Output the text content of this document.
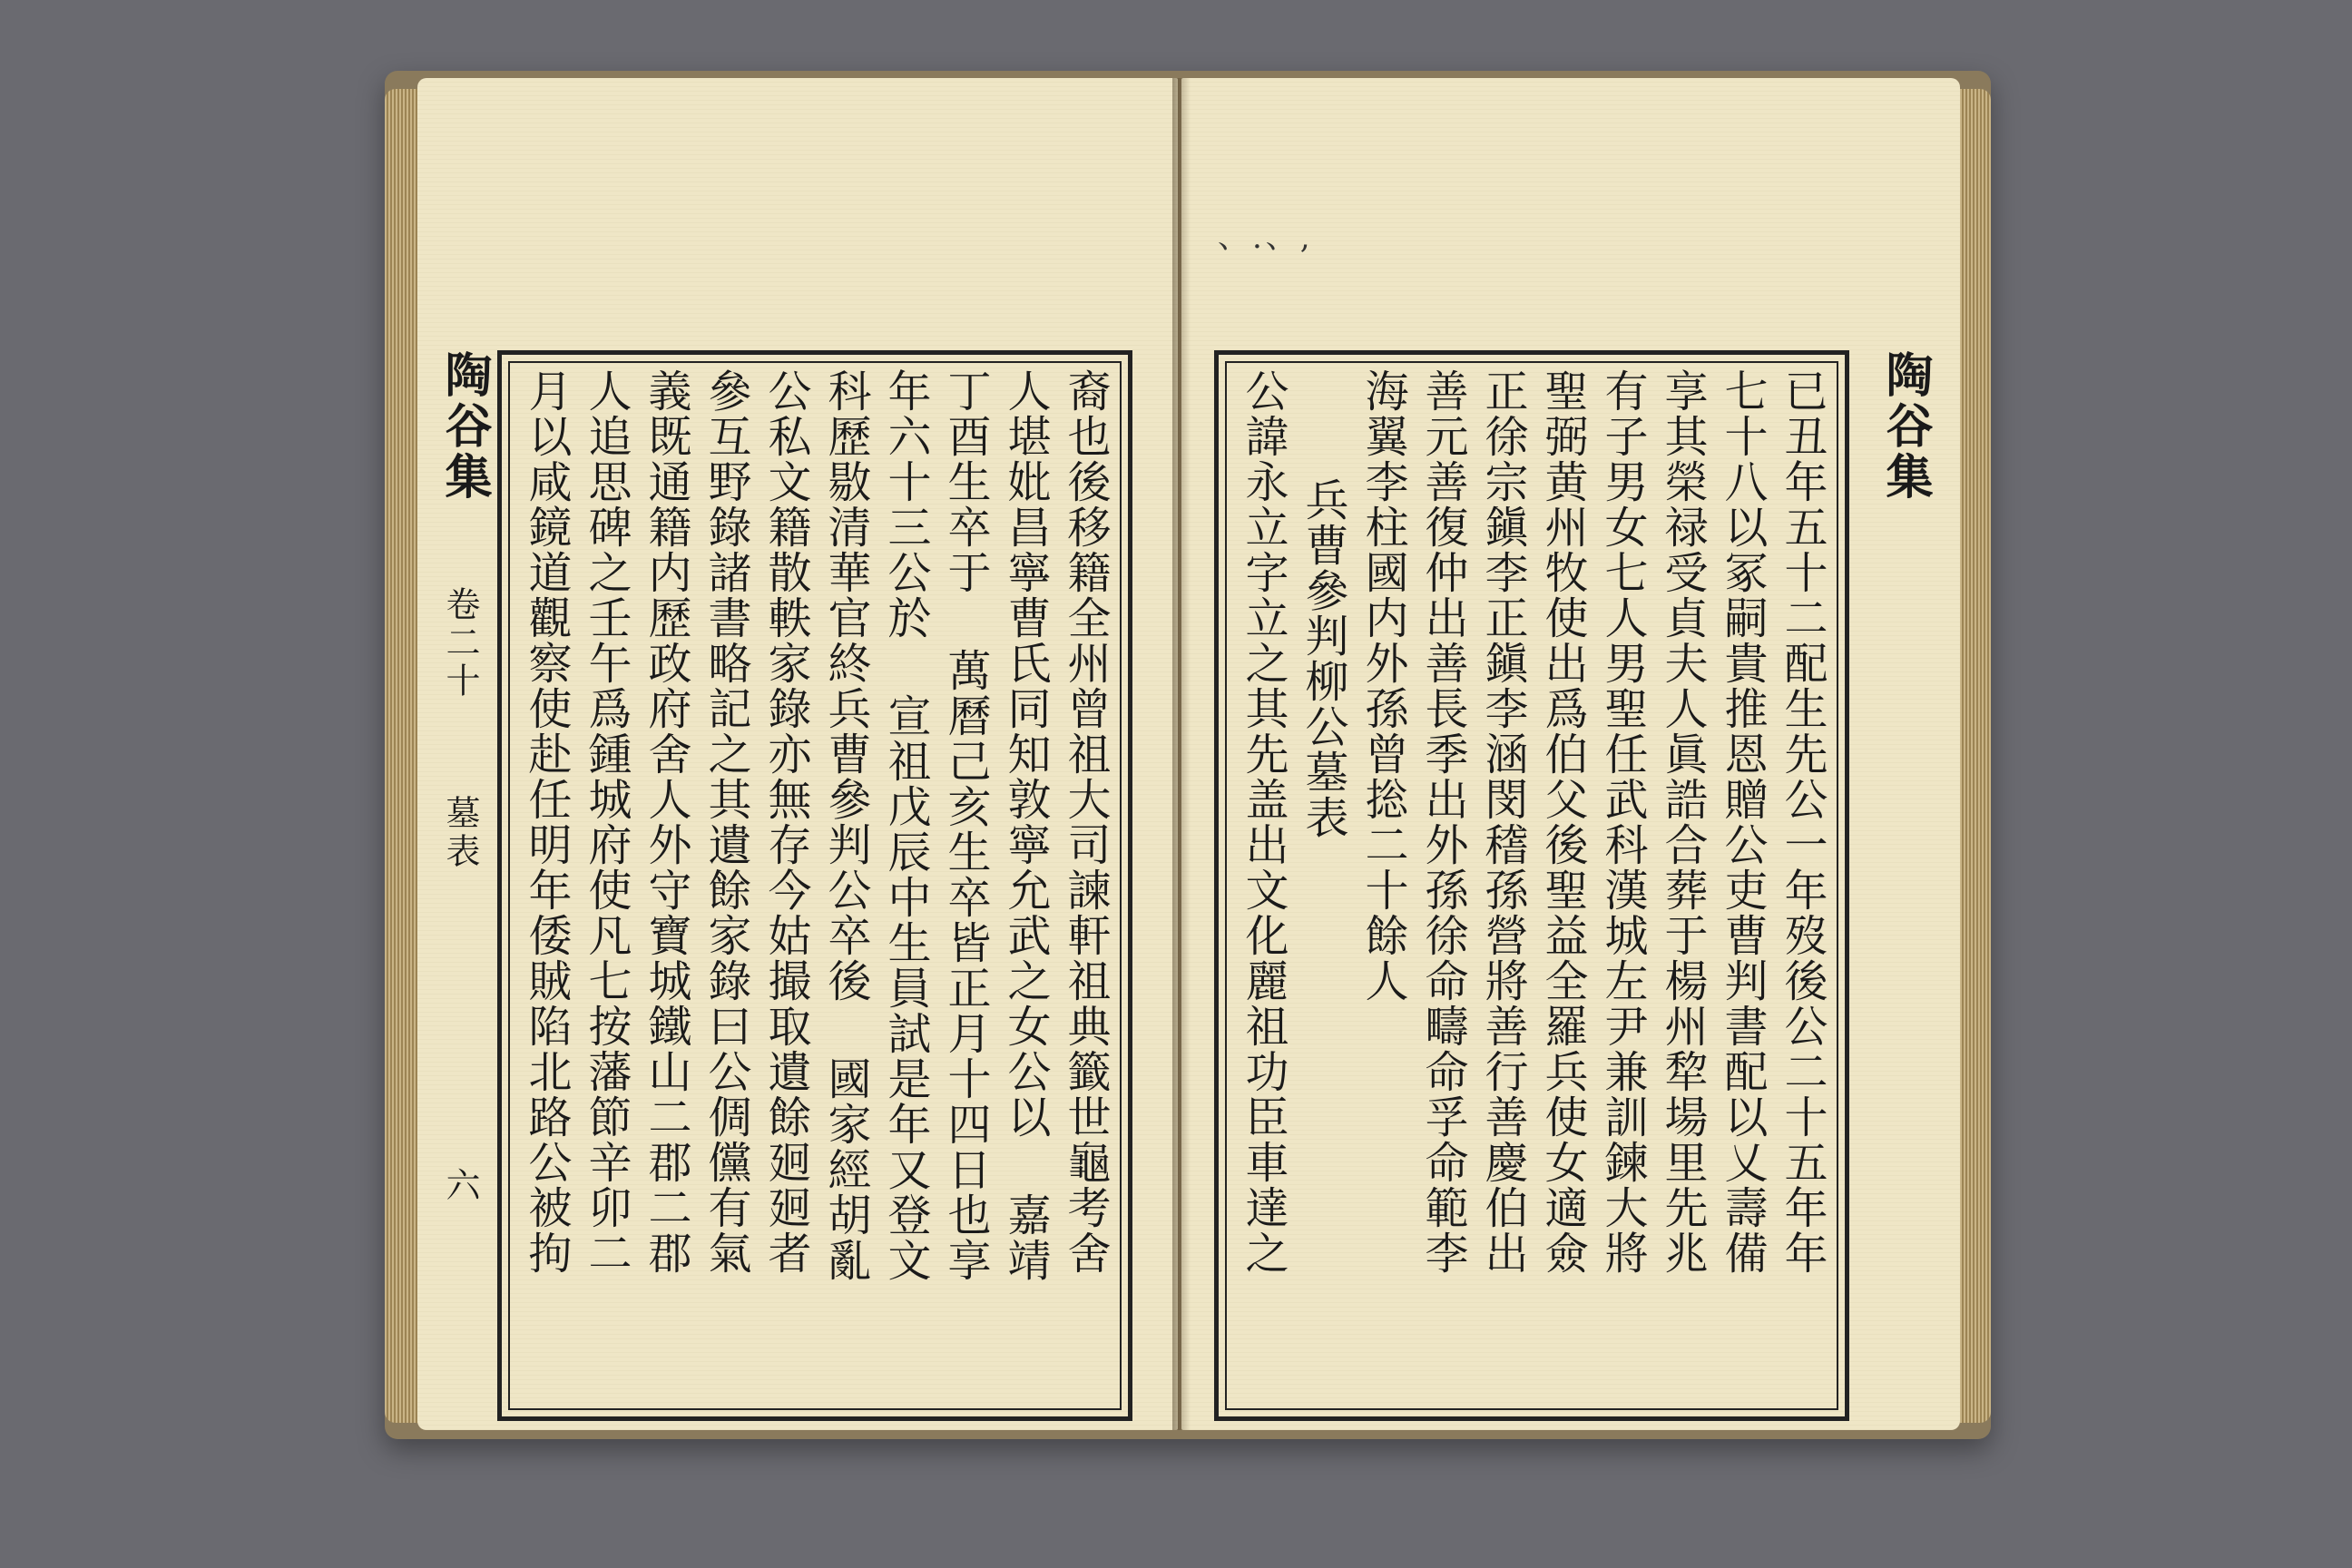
陶谷集
卷二十
墓表
六	裔也後移籍全州曾祖大司諫軒祖典籤世龜考舍
人堪妣昌寧曹氏同知敦寧允武之女公以 嘉靖
丁酉生卒于 萬曆己亥生卒皆正月十四日也享
年六十三公於 宣祖戊辰中生員試是年又登文
科歷敭清華官終兵曹參判公卒後 國家經胡亂
公私文籍散軼家錄亦無存今姑撮取遺餘㢠㢠者
參互野錄諸書略記之其遺餘家錄曰公倜儻有氣
義既通籍内歷政府舍人外守寶城鐵山二郡二郡
人追思碑之壬午爲鍾城府使凡七按藩節辛卯二
月以咸鏡道觀察使赴任明年倭賊陷北路公被拘
、.、,
已丑年五十二配生先公一年歿後公二十五年年
七十八以冢嗣貴推恩贈公吏曹判書配以乂壽備
享其榮禄受貞夫人眞誥合葬于楊州犂場里先兆
有子男女七人男聖任武科漢城左尹兼訓鍊大將
聖弼黄州牧使出爲伯父後聖益全羅兵使女適僉
正徐宗鎭李正鎭李涵閔𥡴孫營將善行善慶伯出
善元善復仲出善長季出外孫徐命疇命孚命範李
海翼李柱國内外孫曾捴二十餘人
兵曹參判柳公墓表
公諱永立字立之其先盖出文化麗祖功臣車達之	陶谷集
